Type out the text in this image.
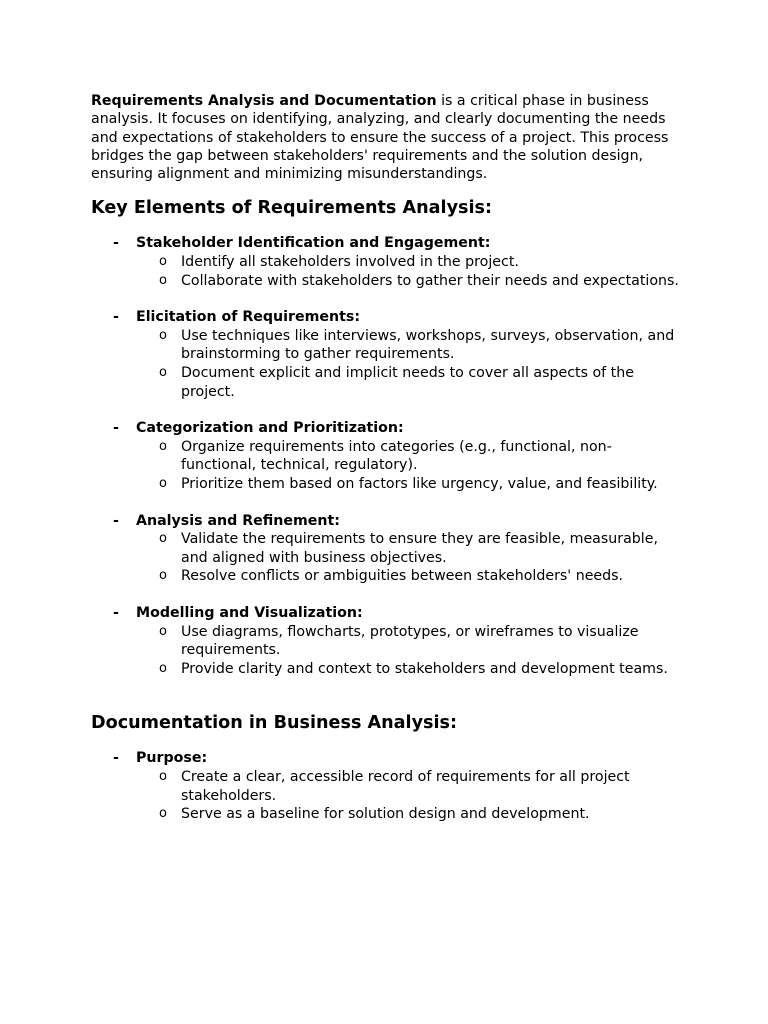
Requirements Analysis and Documentation is a critical phase in business analysis. It focuses on identifying, analyzing, and clearly documenting the needs and expectations of stakeholders to ensure the success of a project. This process bridges the gap between stakeholders' requirements and the solution design, ensuring alignment and minimizing misunderstandings.

Key Elements of Requirements Analysis:
- Stakeholder Identification and Engagement:
o Identify all stakeholders involved in the project.
o Collaborate with stakeholders to gather their needs and expectations.
- Elicitation of Requirements:
o Use techniques like interviews, workshops, surveys, observation, and brainstorming to gather requirements.
o Document explicit and implicit needs to cover all aspects of the project.
- Categorization and Prioritization:
o Organize requirements into categories (e.g., functional, non-functional, technical, regulatory).
o Prioritize them based on factors like urgency, value, and feasibility.
- Analysis and Refinement:
o Validate the requirements to ensure they are feasible, measurable, and aligned with business objectives.
o Resolve conflicts or ambiguities between stakeholders' needs.
- Modelling and Visualization:
o Use diagrams, flowcharts, prototypes, or wireframes to visualize requirements.
o Provide clarity and context to stakeholders and development teams.
Documentation in Business Analysis:
- Purpose:
o Create a clear, accessible record of requirements for all project stakeholders.
o Serve as a baseline for solution design and development.
